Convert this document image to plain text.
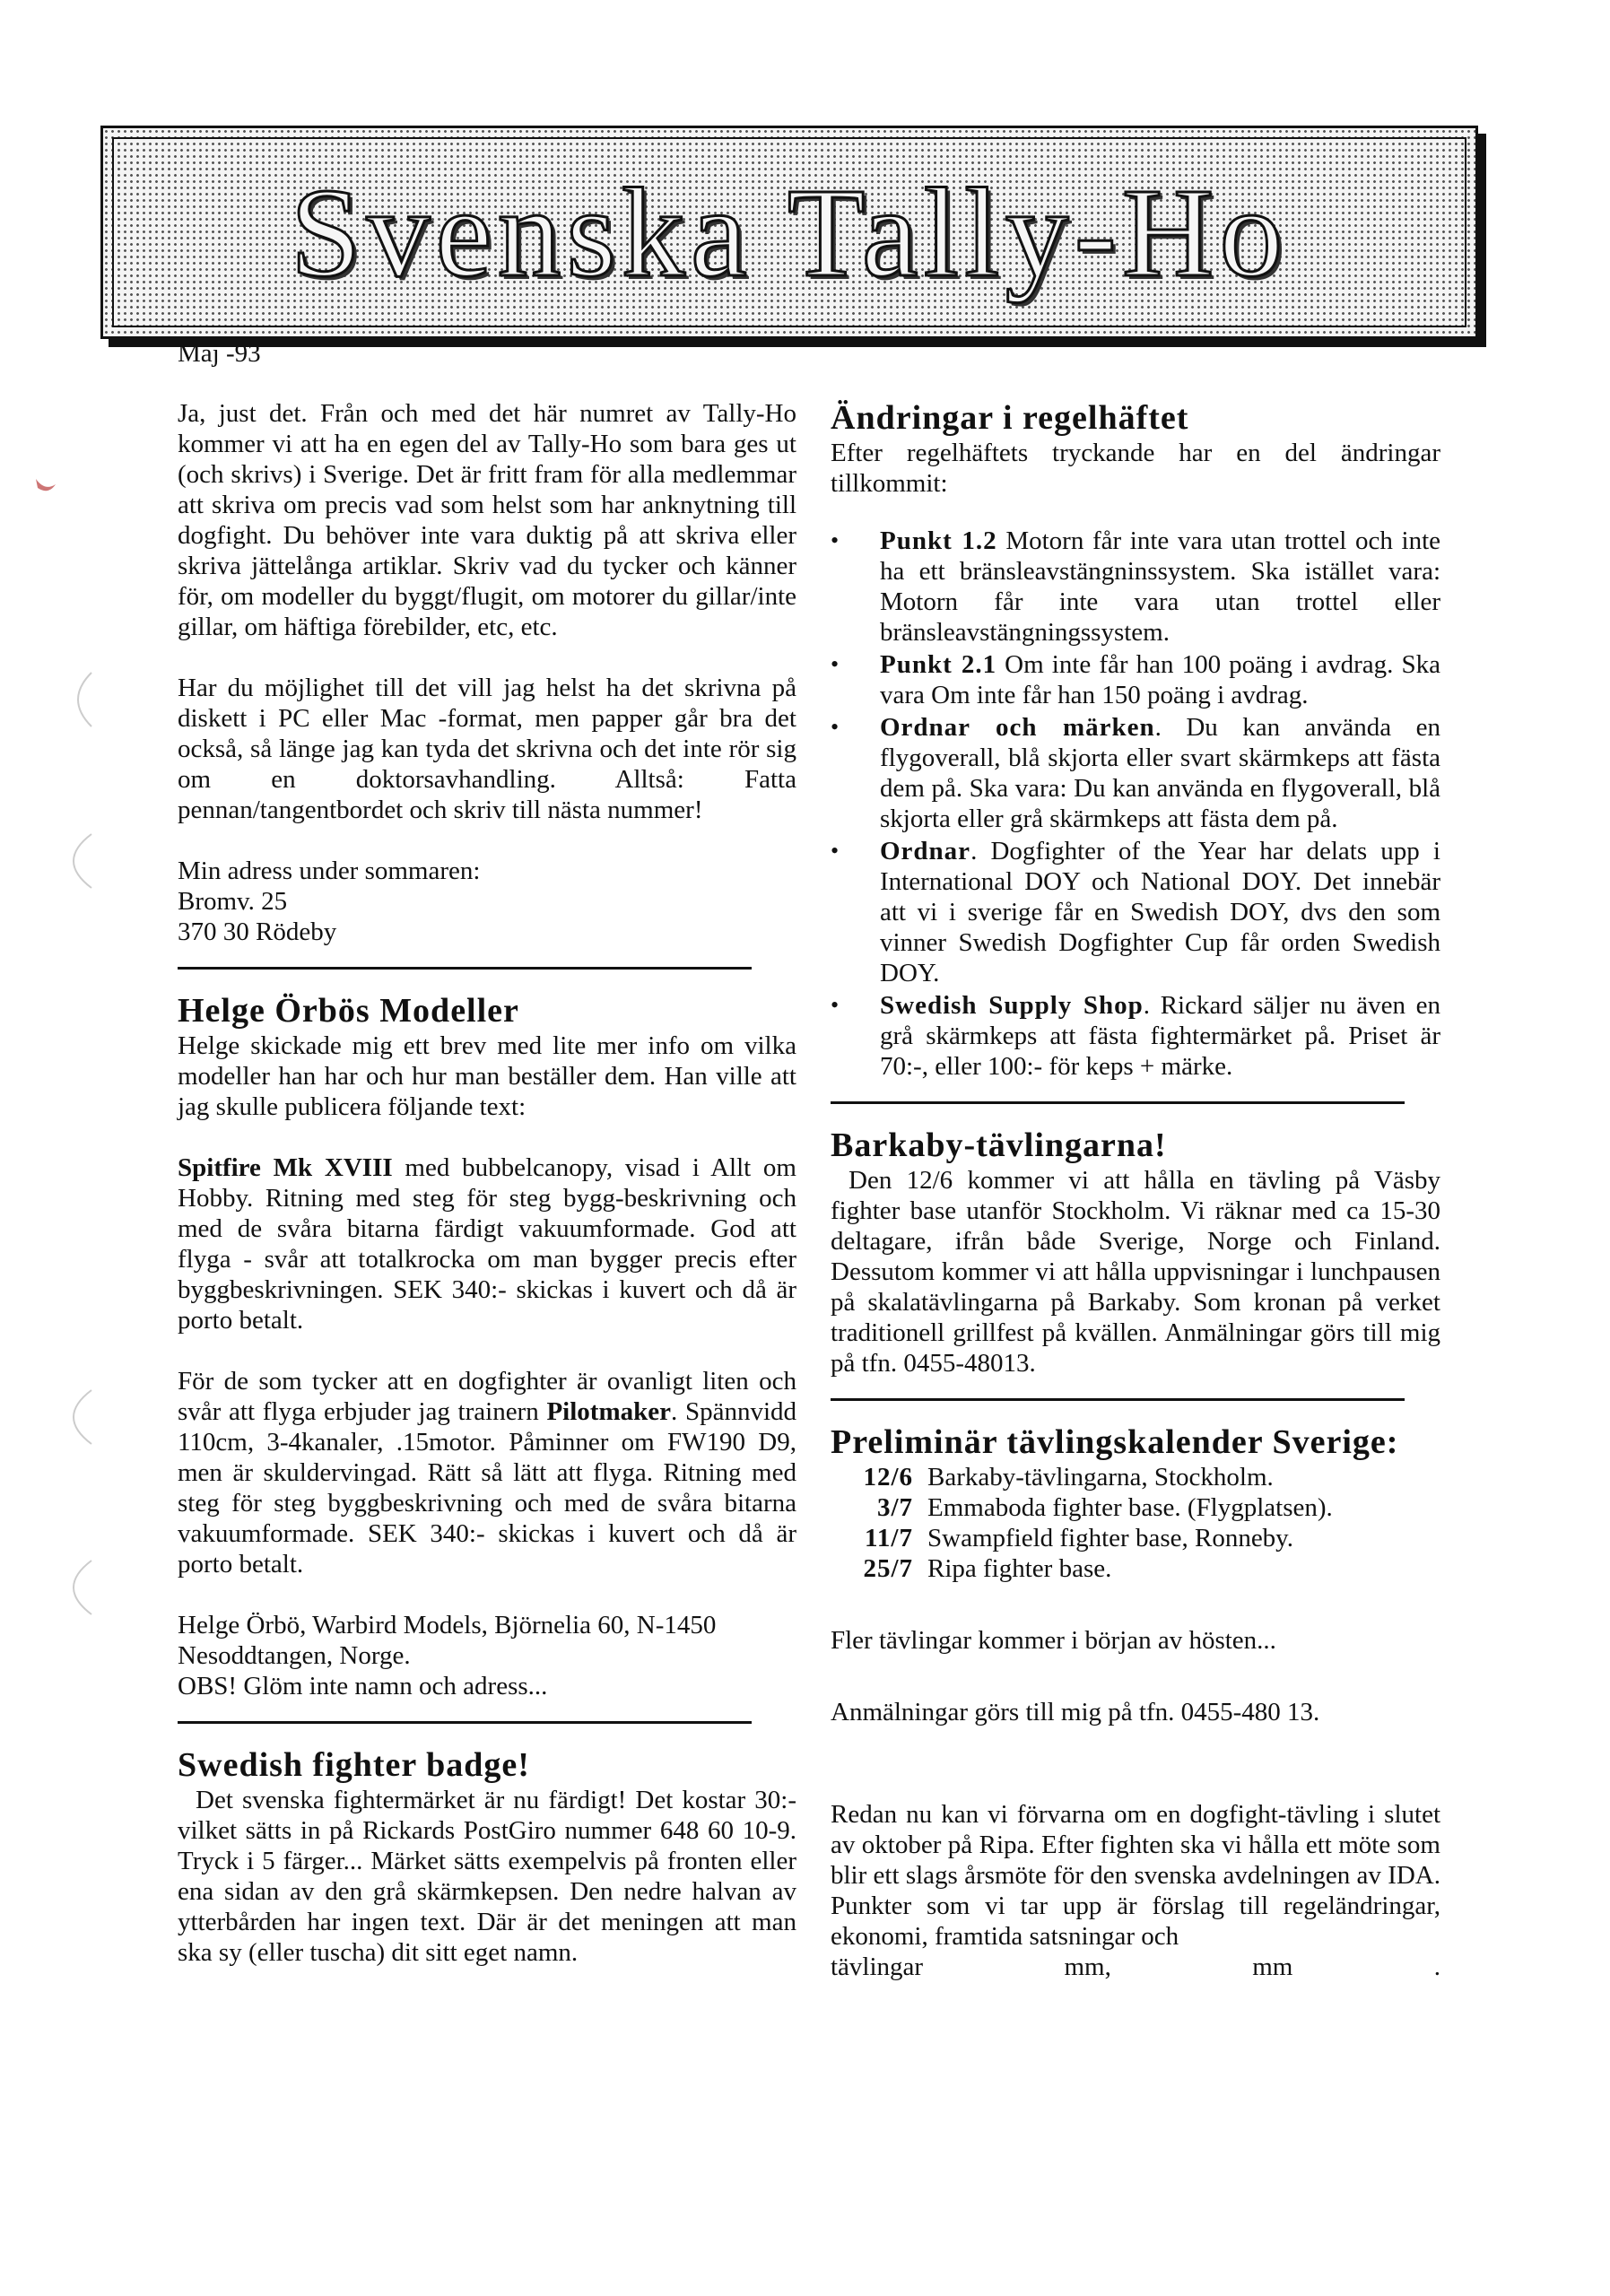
Svenska Tally-Ho
Maj -93

Ja, just det. Från och med det här numret av Tally-Ho kommer vi att ha en egen del av Tally-Ho som bara ges ut (och skrivs) i Sverige. Det är fritt fram för alla medlemmar att skriva om precis vad som helst som har anknytning till dogfight. Du behöver inte vara duktig på att skriva eller skriva jättelånga artiklar. Skriv vad du tycker och känner för, om modeller du byggt/flugit, om motorer du gillar/inte gillar, om häftiga förebilder, etc, etc.

Har du möjlighet till det vill jag helst ha det skrivna på diskett i PC eller Mac -format, men papper går bra det också, så länge jag kan tyda det skrivna och det inte rör sig om en doktorsavhandling. Alltså: Fatta pennan/tangentbordet och skriv till nästa nummer!

Min adress under sommaren:
Bromv. 25
370 30 Rödeby
Helge Örbös Modeller

Helge skickade mig ett brev med lite mer info om vilka modeller han har och hur man beställer dem. Han ville att jag skulle publicera följande text:

Spitfire Mk XVIII med bubbelcanopy, visad i Allt om Hobby. Ritning med steg för steg bygg-beskrivning och med de svåra bitarna färdigt vakuumformade. God att flyga - svår att totalkrocka om man bygger precis efter byggbeskrivningen. SEK 340:- skickas i kuvert och då är porto betalt.

För de som tycker att en dogfighter är ovanligt liten och svår att flyga erbjuder jag trainern Pilotmaker. Spännvidd 110cm, 3-4kanaler, .15motor. Påminner om FW190 D9, men är skuldervingad. Rätt så lätt att flyga. Ritning med steg för steg byggbeskrivning och med de svåra bitarna vakuumformade. SEK 340:- skickas i kuvert och då är porto betalt.

Helge Örbö, Warbird Models, Björnelia 60, N-1450 Nesoddtangen, Norge.
OBS! Glöm inte namn och adress...
Swedish fighter badge!

Det svenska fightermärket är nu färdigt! Det kostar 30:- vilket sätts in på Rickards PostGiro nummer 648 60 10-9. Tryck i 5 färger... Märket sätts exempelvis på fronten eller ena sidan av den grå skärmkepsen. Den nedre halvan av ytterbården har ingen text. Där är det meningen att man ska sy (eller tuscha) dit sitt eget namn.

Ändringar i regelhäftet

Efter regelhäftets tryckande har en del ändringar tillkommit:

• Punkt 1.2 Motorn får inte vara utan trottel och inte ha ett bränsleavstängninssystem. Ska istället vara: Motorn får inte vara utan trottel eller bränsleavstängningssystem.

• Punkt 2.1 Om inte får han 100 poäng i avdrag. Ska vara Om inte får han 150 poäng i avdrag.

• Ordnar och märken. Du kan använda en flygoverall, blå skjorta eller svart skärmkeps att fästa dem på. Ska vara: Du kan använda en flygoverall, blå skjorta eller grå skärmkeps att fästa dem på.

• Ordnar. Dogfighter of the Year har delats upp i International DOY och National DOY. Det innebär att vi i sverige får en Swedish DOY, dvs den som vinner Swedish Dogfighter Cup får orden Swedish DOY.

• Swedish Supply Shop. Rickard säljer nu även en grå skärmkeps att fästa fightermärket på. Priset är 70:-, eller 100:- för keps + märke.

Barkaby-tävlingarna!

Den 12/6 kommer vi att hålla en tävling på Väsby fighter base utanför Stockholm. Vi räknar med ca 15-30 deltagare, ifrån både Sverige, Norge och Finland. Dessutom kommer vi att hålla uppvisningar i lunchpausen på skalatävlingarna på Barkaby. Som kronan på verket traditionell grillfest på kvällen. Anmälningar görs till mig på tfn. 0455-48013.

Preliminär tävlingskalender Sverige:
12/6 Barkaby-tävlingarna, Stockholm.
3/7 Emmaboda fighter base. (Flygplatsen).
11/7 Swampfield fighter base, Ronneby.
25/7 Ripa fighter base.
Fler tävlingar kommer i början av hösten...
Anmälningar görs till mig på tfn. 0455-480 13.

Redan nu kan vi förvarna om en dogfight-tävling i slutet av oktober på Ripa. Efter fighten ska vi hålla ett möte som blir ett slags årsmöte för den svenska avdelningen av IDA. Punkter som vi tar upp är förslag till regeländringar, ekonomi, framtida satsningar och

tävlingar mm, mm .
